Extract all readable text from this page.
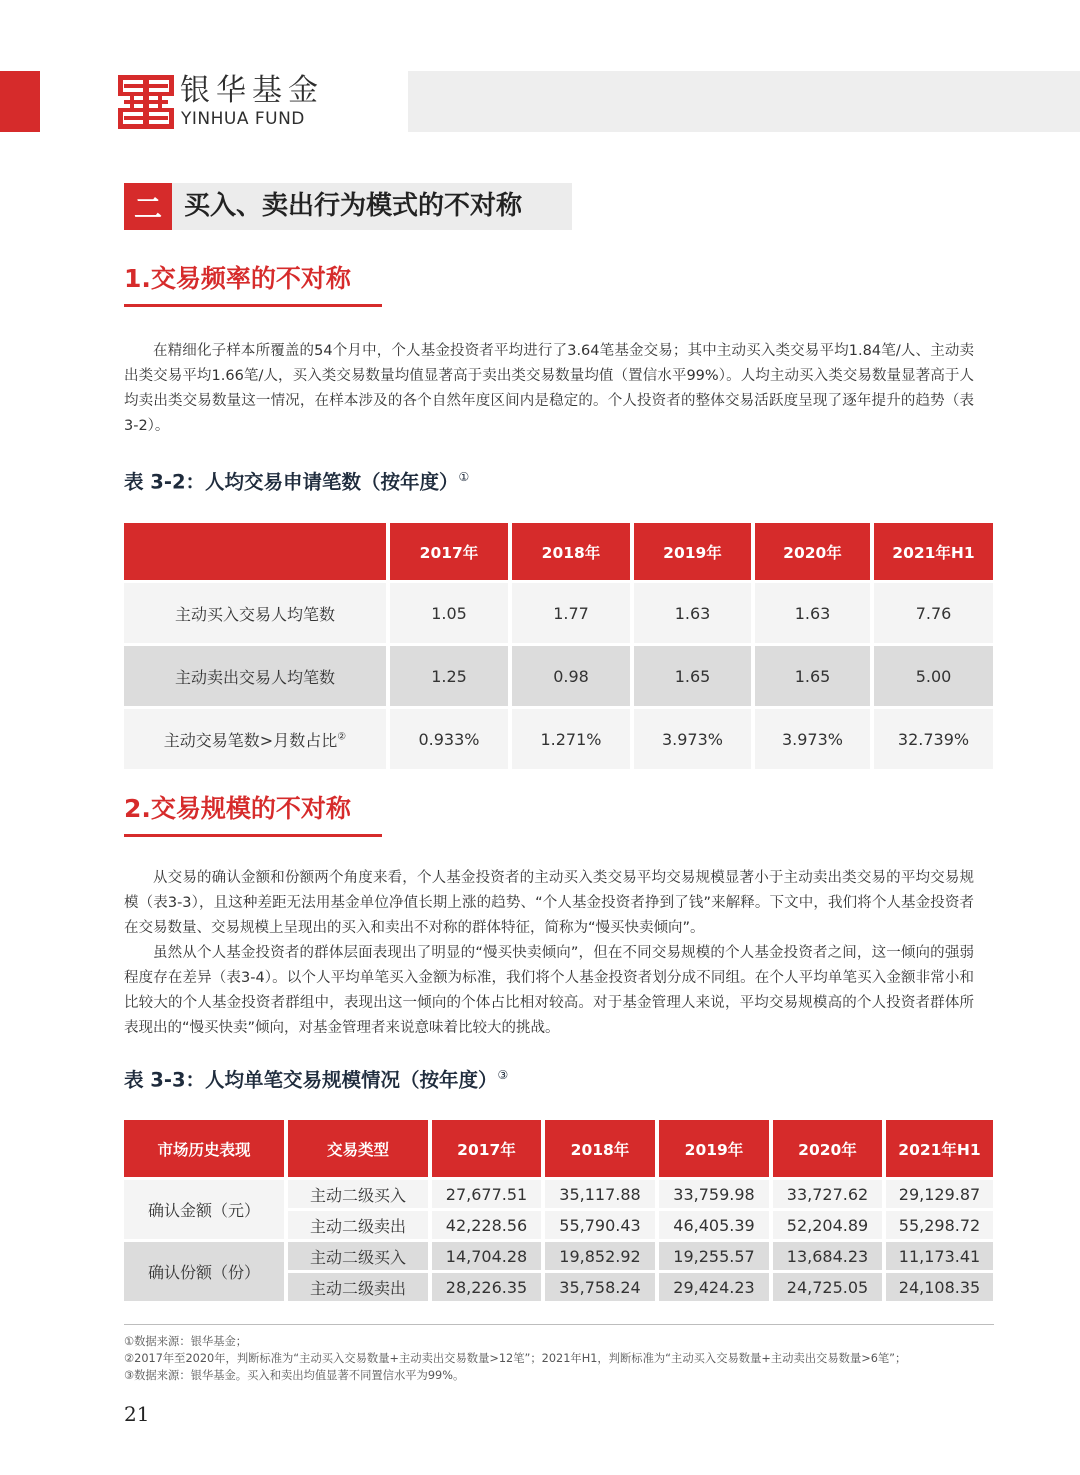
银华基金
YINHUA FUND
二 买入、卖出行为模式的不对称
1.交易频率的不对称

在精细化子样本所覆盖的54个月中，个人基金投资者平均进行了3.64笔基金交易；其中主动买入类交易平均1.84笔/人、主动卖出类交易平均1.66笔/人，买入类交易数量均值显著高于卖出类交易数量均值（置信水平99%）。人均主动买入类交易数量显著高于人均卖出类交易数量这一情况，在样本涉及的各个自然年度区间内是稳定的。个人投资者的整体交易活跃度呈现了逐年提升的趋势（表3-2）。

表 3-2：人均交易申请笔数（按年度）①
	2017年	2018年	2019年	2020年	2021年H1
主动买入交易人均笔数	1.05	1.77	1.63	1.63	7.76
主动卖出交易人均笔数	1.25	0.98	1.65	1.65	5.00
主动交易笔数>月数占比②	0.933%	1.271%	3.973%	3.973%	32.739%
2.交易规模的不对称

从交易的确认金额和份额两个角度来看，个人基金投资者的主动买入类交易平均交易规模显著小于主动卖出类交易的平均交易规模（表3-3），且这种差距无法用基金单位净值长期上涨的趋势、“个人基金投资者挣到了钱”来解释。下文中，我们将个人基金投资者在交易数量、交易规模上呈现出的买入和卖出不对称的群体特征，简称为“慢买快卖倾向”。

虽然从个人基金投资者的群体层面表现出了明显的“慢买快卖倾向”，但在不同交易规模的个人基金投资者之间，这一倾向的强弱程度存在差异（表3-4）。以个人平均单笔买入金额为标准，我们将个人基金投资者划分成不同组。在个人平均单笔买入金额非常小和比较大的个人基金投资者群组中，表现出这一倾向的个体占比相对较高。对于基金管理人来说，平均交易规模高的个人投资者群体所表现出的“慢买快卖”倾向，对基金管理者来说意味着比较大的挑战。

表 3-3：人均单笔交易规模情况（按年度）③
市场历史表现	交易类型	2017年	2018年	2019年	2020年	2021年H1
确认金额（元）	主动二级买入	27,677.51	35,117.88	33,759.98	33,727.62	29,129.87
	主动二级卖出	42,228.56	55,790.43	46,405.39	52,204.89	55,298.72
确认份额（份）	主动二级买入	14,704.28	19,852.92	19,255.57	13,684.23	11,173.41
	主动二级卖出	28,226.35	35,758.24	29,424.23	24,725.05	24,108.35
①数据来源：银华基金；
②2017年至2020年，判断标准为“主动买入交易数量+主动卖出交易数量>12笔”；2021年H1，判断标准为“主动买入交易数量+主动卖出交易数量>6笔”；
③数据来源：银华基金。买入和卖出均值显著不同置信水平为99%。
21
